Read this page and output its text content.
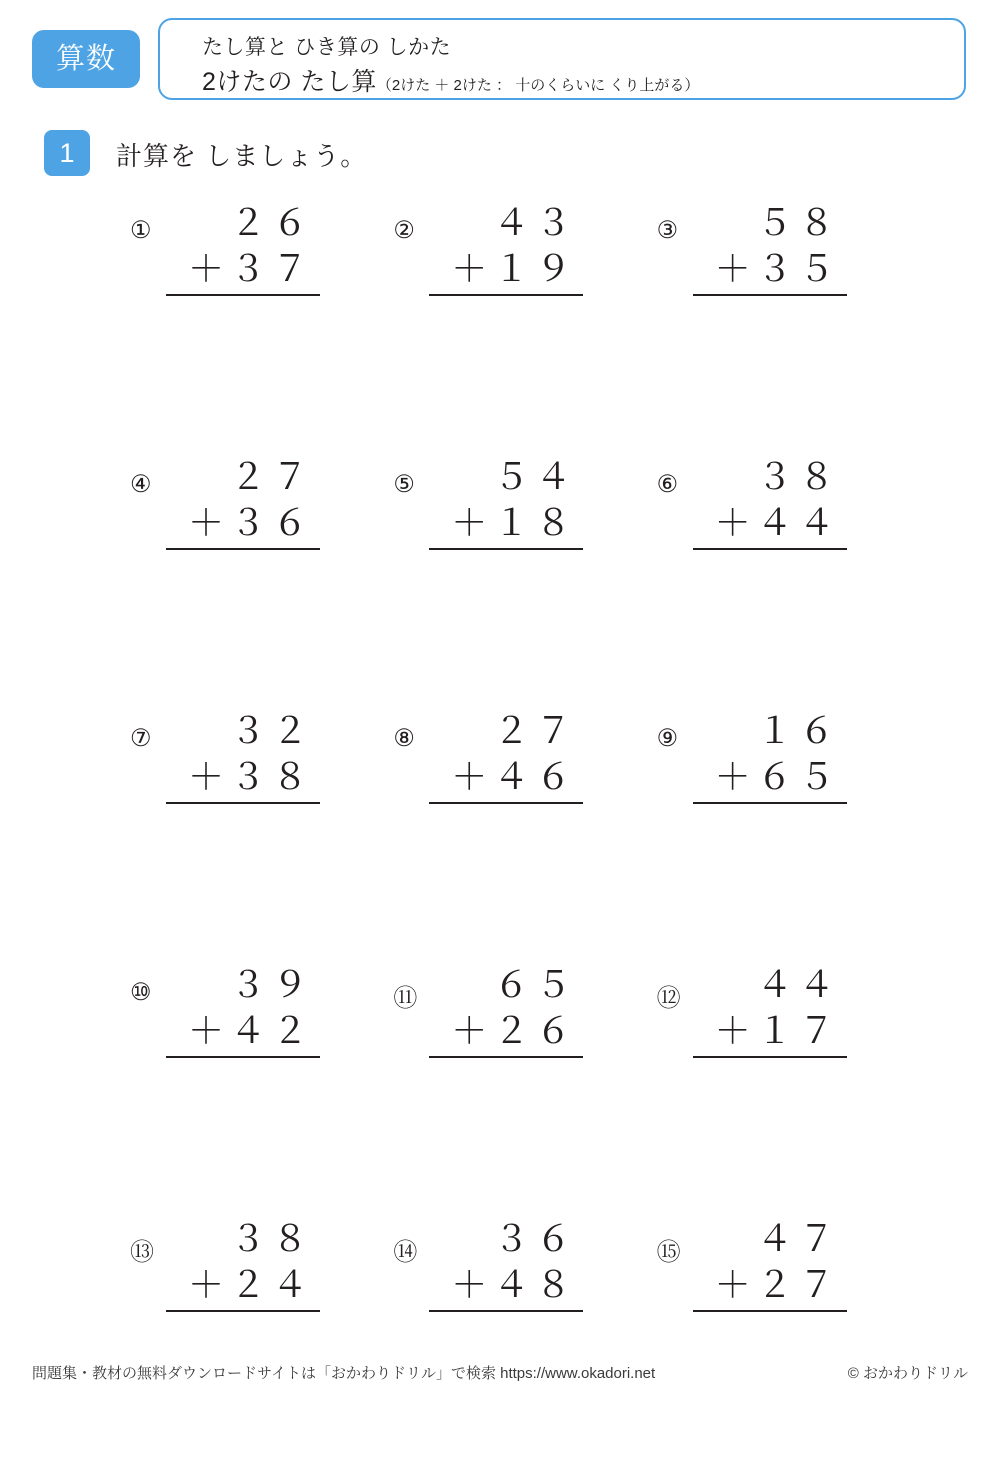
算数	たし算と ひき算の しかた
2けたの たし算（2けた ＋ 2けた ： 十のくらいに くり上がる）
1	計算を しましょう。
①	２６
＋３７
②	４３
＋１９
③	５８
＋３５
④	２７
＋３６
⑤	５４
＋１８
⑥	３８
＋４４
⑦	３２
＋３８
⑧	２７
＋４６
⑨	１６
＋６５
⑩	３９
＋４２
⑪	６５
＋２６
⑫	４４
＋１７
⑬	３８
＋２４
⑭	３６
＋４８
⑮	４７
＋２７
問題集・教材の無料ダウンロードサイトは「おかわりドリル」で検索 https://www.okadori.net	© おかわりドリル
